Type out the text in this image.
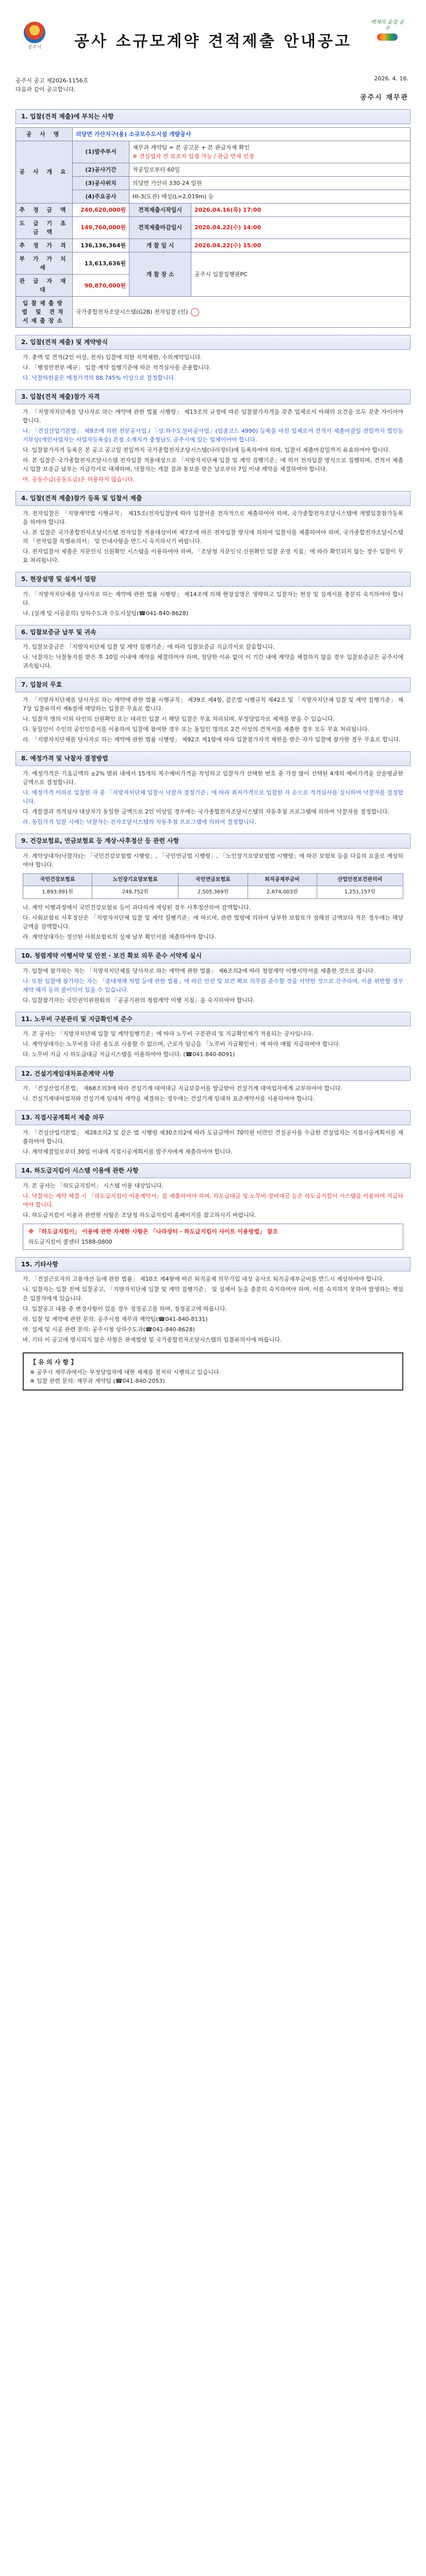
공주시
백제의 숨결 공주
공사 소규모계약 견적제출 안내공고
공주시 공고 제2026-1156호
다음과 같이 공고합니다.
2026. 4. 16.
공주시 재무관
1. 입찰(견적 제출)에 부치는 사항
공 사 명	의당면 가산지구(용) 소규모수도시설 개량공사		
공 사 개 요	(1)발주부서	재무과 계약팀 = 본 공고문 + 본 관급자재 확인
※ 견실업자 진 보조지 입점 가능 / 관급 면세 인정	
	(2)공사기간	착공일로부터 60일	
	(3)공사위치	의당면 가산리 330-24 일원	
	(4)주요공사	HI-3(도관) 매설(L=2,019m) 등	
추 정 금 액	240,620,000원	견적제출시작일시	2026.04.16(목) 17:00
도 급 기 초 금 액	149,760,000원	견적제출마감일시	2026.04.22(수) 14:00
추 정 가 격	136,136,364원	개 찰 일 시	2026.04.22(수) 15:00
부 가 가 치 세	13,613,636원	개 찰 장 소	공주시 입찰집행관PC
관 급 자 재 대	90,870,000원		
입찰제출방법 및 견적서제출장소	국가종합전자조달시스템(G2B) 전자입찰 (인)		
2. 입찰(견적 제출) 및 계약방식

가. 총액 및 견적(2인 이상, 전자) 입찰에 의한 지역제한, 수의계약입니다.

나. 「행정안전부 예규」 입찰·계약 집행기준에 따른 적격심사를 준용합니다.

다. 낙찰하한율은 예정가격의 88.745% 이상으로 결정합니다.

3. 입찰(견적 제출)참가 자격

가. 「지방자치단체를 당사자로 하는 계약에 관한 법률 시행령」 제13조의 규정에 따른 입찰참가자격을 갖춘 업체로서 아래의 요건을 모두 갖춘 자이어야 합니다.

나. 「건설산업기본법」 제9조에 의한 전문공사업 / 「상.하수도설비공사업」(업종코드 4990) 등록을 마친 업체로서 견적서 제출마감일 전일까지 법인등기부상(개인사업자는 사업자등록증) 본점 소재지가 충청남도 공주시에 있는 업체이어야 합니다.

다. 입찰참가자격 등록은 본 공고 공고일 전일까지 국가종합전자조달시스템(나라장터)에 등록하여야 하며, 입찰서 제출마감일까지 유효하여야 합니다.

라. 본 입찰은 국가종합전자조달시스템 전자입찰 적용대상으로 「지방자치단체 입찰 및 계약 집행기준」에 의거 전자입찰 방식으로 집행하며, 견적서 제출 시 입찰 보증금 납부는 지급각서로 대체하며, 낙찰자는 개찰 결과 통보를 받은 날로부터 7일 이내 계약을 체결하여야 합니다.

마. 공동수급(공동도급)은 허용하지 않습니다.

4. 입찰(견적 제출)참가 등록 및 입찰서 제출

가. 전자입찰은 「지방계약법 시행규칙」 제15조(전자입찰)에 따라 입찰서를 전자적으로 제출하여야 하며, 국가종합전자조달시스템에 개별입찰참가등록을 하여야 합니다.

나. 본 입찰은 국가종합전자조달시스템 전자입찰 적용대상이며 제7조에 따른 전자입찰 방식에 의하여 입찰서를 제출하여야 하며, 국가종합전자조달시스템의 「전자입찰 특별유의서」 및 안내사항을 반드시 숙지하시기 바랍니다.

다. 전자입찰서 제출은 지문인식 신원확인 시스템을 이용하여야 하며, 「조달청 지문인식 신원확인 입찰 운영 지침」에 따라 확인되지 않는 경우 입찰이 무효 처리됩니다.

5. 현장설명 및 설계서 열람

가. 「지방자치단체를 당사자로 하는 계약에 관한 법률 시행령」 제14조에 의해 현장설명은 생략하고 입찰자는 현장 및 설계서를 충분히 숙지하여야 합니다.

나. (설계 및 시공문의) 상하수도과 수도시설팀(☎041-840-8628)

6. 입찰보증금 납부 및 귀속

가. 입찰보증금은 「지방자치단체 입찰 및 계약 집행기준」에 따라 입찰보증금 지급각서로 갈음합니다.

나. 낙찰자는 낙찰통지를 받은 후 10일 이내에 계약을 체결하여야 하며, 정당한 이유 없이 이 기간 내에 계약을 체결하지 않을 경우 입찰보증금은 공주시에 귀속됩니다.

7. 입찰의 무효

가. 「지방자치단체를 당사자로 하는 계약에 관한 법률 시행규칙」 제39조 제4항, 같은법 시행규칙 제42조 및 「지방자치단체 입찰 및 계약 집행기준」 제7장 입찰유의서 제6절에 해당하는 입찰은 무효로 합니다.

나. 입찰자 명의 이외 타인의 신원확인 또는 대리인 입찰 시 해당 입찰은 무효 처리되며, 부정당업자로 제재를 받을 수 있습니다.

다. 동일인이 수인의 공인인증서를 이용하여 입찰에 참여한 경우 또는 동일인 명의로 2건 이상의 견적서를 제출한 경우 모두 무효 처리됩니다.

라. 「지방자치단체를 당사자로 하는 계약에 관한 법률 시행령」 제92조 제1항에 따라 입찰참가자격 제한을 받은 자가 입찰에 참가한 경우 무효로 합니다.

8. 예정가격 및 낙찰자 결정방법

가. 예정가격은 기초금액의 ±2% 범위 내에서 15개의 복수예비가격을 작성하고 입찰자가 선택한 번호 중 가장 많이 선택된 4개의 예비가격을 산술평균한 금액으로 결정합니다.

나. 예정가격 이하로 입찰한 자 중 「지방자치단체 입찰시 낙찰자 결정기준」에 따라 최저가격으로 입찰한 자 순으로 적격심사를 실시하여 낙찰자를 결정합니다.

다. 개찰결과 적격심사 대상자가 동일한 금액으로 2인 이상일 경우에는 국가종합전자조달시스템의 자동추첨 프로그램에 의하여 낙찰자를 결정합니다.

라. 동일가격 입찰 시에는 낙찰자는 전자조달시스템의 자동추첨 프로그램에 의하여 결정합니다.

9. 건강보험료, 연금보험료 등 계상·사후정산 등 관련 사항

가. 계약상대자(낙찰자)는 「국민건강보험법 시행령」, 「국민연금법 시행령」, 「노인장기요양보험법 시행령」에 따른 보험료 등을 다음의 요율로 계상하여야 합니다.

국민건강보험료	노인장기요양보험료	국민연금보험료	퇴직공제부금비	산업안전보건관리비
1,893,991원	248,752원	2,505,369원	2,874,003원	1,251,157원

나. 계약 이행과정에서 국민건강보험료 등이 과다하게 계상된 경우 사후정산하여 감액합니다.

다. 사회보험료 사후정산은 「지방자치단체 입찰 및 계약 집행기준」에 따르며, 관련 법령에 의하여 납부한 보험료가 정해진 금액보다 적은 경우에는 해당 금액을 감액합니다.

라. 계약상대자는 정산된 사회보험료의 실제 납부 확인서를 제출하여야 합니다.

10. 청렴계약 이행서약 및 안전 · 보건 확보 의무 준수 서약제 실시

가. 입찰에 참가하는 자는 「지방자치단체를 당사자로 하는 계약에 관한 법률」 제6조의2에 따라 청렴계약 이행서약서를 제출한 것으로 봅니다.

나. 또한 입찰에 참가하는 자는 「중대재해 처벌 등에 관한 법률」에 따른 안전 및 보건 확보 의무를 준수할 것을 서약한 것으로 간주하며, 이를 위반할 경우 계약 해지 등의 불이익이 있을 수 있습니다.

다. 입찰참가자는 국민권익위원회의 「공공기관의 청렴계약 이행 지침」을 숙지하여야 합니다.

11. 노무비 구분관리 및 지급확인제 준수

가. 본 공사는 「지방자치단체 입찰 및 계약집행기준」에 따라 노무비 구분관리 및 지급확인제가 적용되는 공사입니다.

나. 계약상대자는 노무비를 다른 용도로 사용할 수 없으며, 근로자 임금을 「노무비 지급확인서」에 따라 매월 지급하여야 합니다.

다. 노무비 지급 시 하도급대금 지급시스템을 이용하여야 합니다. (☎041-840-8091)

12. 건설기계임대차표준계약 사항

가. 「건설산업기본법」 제68조의3에 따라 건설기계 대여대금 지급보증서를 발급받아 건설기계 대여업자에게 교부하여야 합니다.

나. 건설기계대여업자와 건설기계 임대차 계약을 체결하는 경우에는 건설기계 임대차 표준계약서를 사용하여야 합니다.

13. 직접시공계획서 제출 의무

가. 「건설산업기본법」 제28조의2 및 같은 법 시행령 제30조의2에 따라 도급금액이 70억원 미만인 건설공사를 수급한 건설업자는 직접시공계획서를 제출하여야 합니다.

나. 계약체결일로부터 30일 이내에 직접시공계획서를 발주자에게 제출하여야 합니다.

14. 하도급지킴이 시스템 이용에 관한 사항

가. 본 공사는 「하도급지킴이」 시스템 이용 대상입니다.

나. 낙찰자는 계약 체결 시 「하도급지킴이 이용계약서」를 제출하여야 하며, 하도급대금 및 노무비·장비대금 등은 하도급지킴이 시스템을 이용하여 지급하여야 합니다.

다. 하도급지킴이 이용과 관련한 사항은 조달청 하도급지킴이 홈페이지를 참고하시기 바랍니다.

※ 「하도급지킴이」 이용에 관한 자세한 사항은 「나라장터 - 하도급지킴이 사이트 이용방법」 참조
하도급지킴이 콜센터 1588-0800
15. 기타사항

가. 「건설근로자의 고용개선 등에 관한 법률」 제10조 제4항에 따른 퇴직공제 의무가입 대상 공사로 퇴직공제부금비를 반드시 계상하여야 합니다.

나. 입찰자는 입찰 전에 입찰공고, 「지방자치단체 입찰 및 계약 집행기준」 및 설계서 등을 충분히 숙지하여야 하며, 이를 숙지하지 못하여 발생하는 책임은 입찰자에게 있습니다.

다. 입찰공고 내용 중 변경사항이 있을 경우 정정공고를 하며, 정정공고에 따릅니다.

라. 입찰 및 계약에 관한 문의: 공주시청 재무과 계약팀(☎041-840-8131)

마. 설계 및 시공 관련 문의: 공주시청 상하수도과(☎041-840-8628)

바. 기타 이 공고에 명시되지 않은 사항은 관계법령 및 국가종합전자조달시스템의 입찰유의서에 따릅니다.

【 유 의 사 항 】
※ 공주시 재무과에서는 부정당업자에 대한 제재를 철저히 시행하고 있습니다.
※ 입찰 관련 문의: 재무과 계약팀 (☎041-840-2053)
